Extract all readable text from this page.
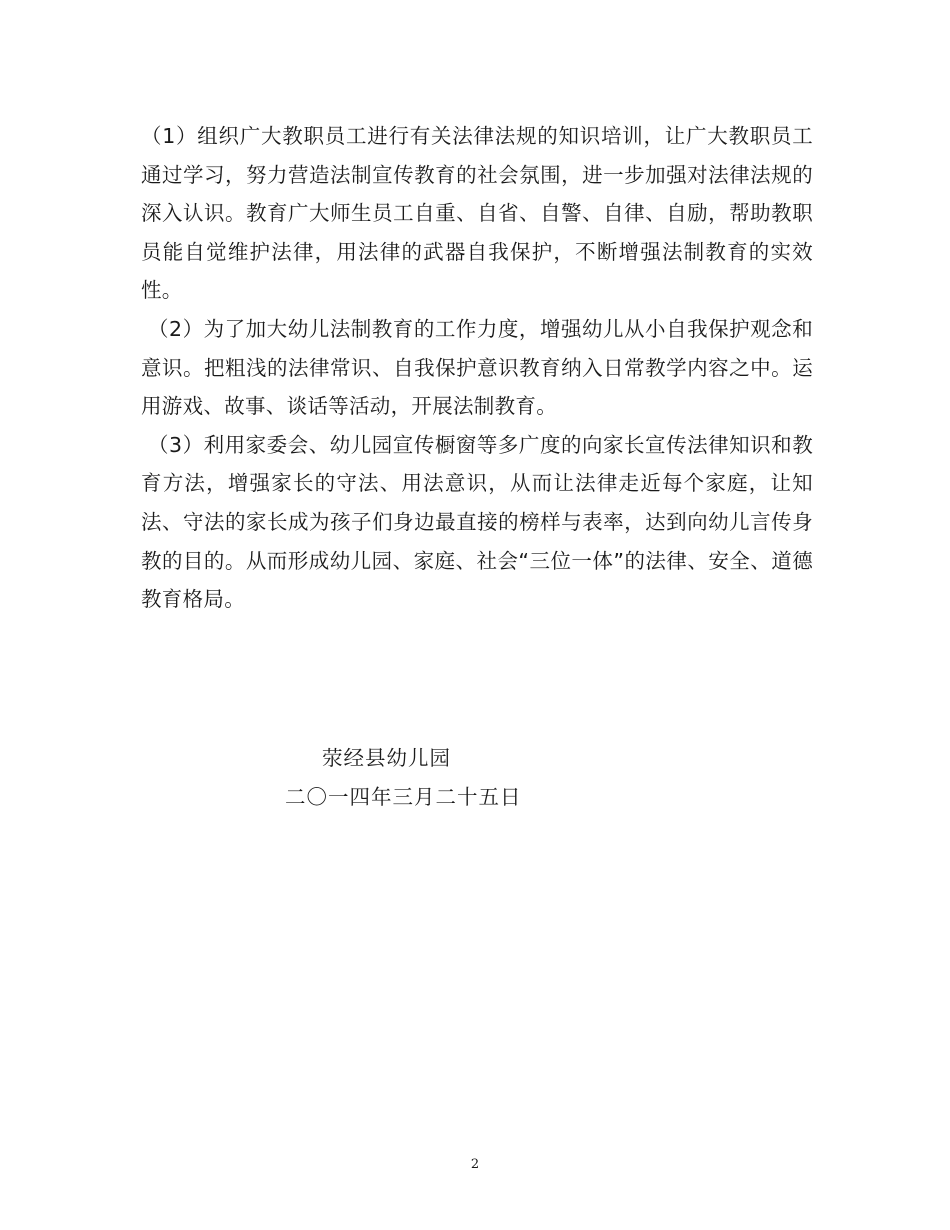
（1）组织广大教职员工进行有关法律法规的知识培训，让广大教职员工通过学习，努力营造法制宣传教育的社会氛围，进一步加强对法律法规的深入认识。教育广大师生员工自重、自省、自警、自律、自励，帮助教职员能自觉维护法律，用法律的武器自我保护，不断增强法制教育的实效性。

（2）为了加大幼儿法制教育的工作力度，增强幼儿从小自我保护观念和意识。把粗浅的法律常识、自我保护意识教育纳入日常教学内容之中。运用游戏、故事、谈话等活动，开展法制教育。

（3）利用家委会、幼儿园宣传橱窗等多广度的向家长宣传法律知识和教育方法，增强家长的守法、用法意识，从而让法律走近每个家庭，让知法、守法的家长成为孩子们身边最直接的榜样与表率，达到向幼儿言传身教的目的。从而形成幼儿园、家庭、社会“三位一体”的法律、安全、道德教育格局。

荥经县幼儿园
二〇一四年三月二十五日
2
